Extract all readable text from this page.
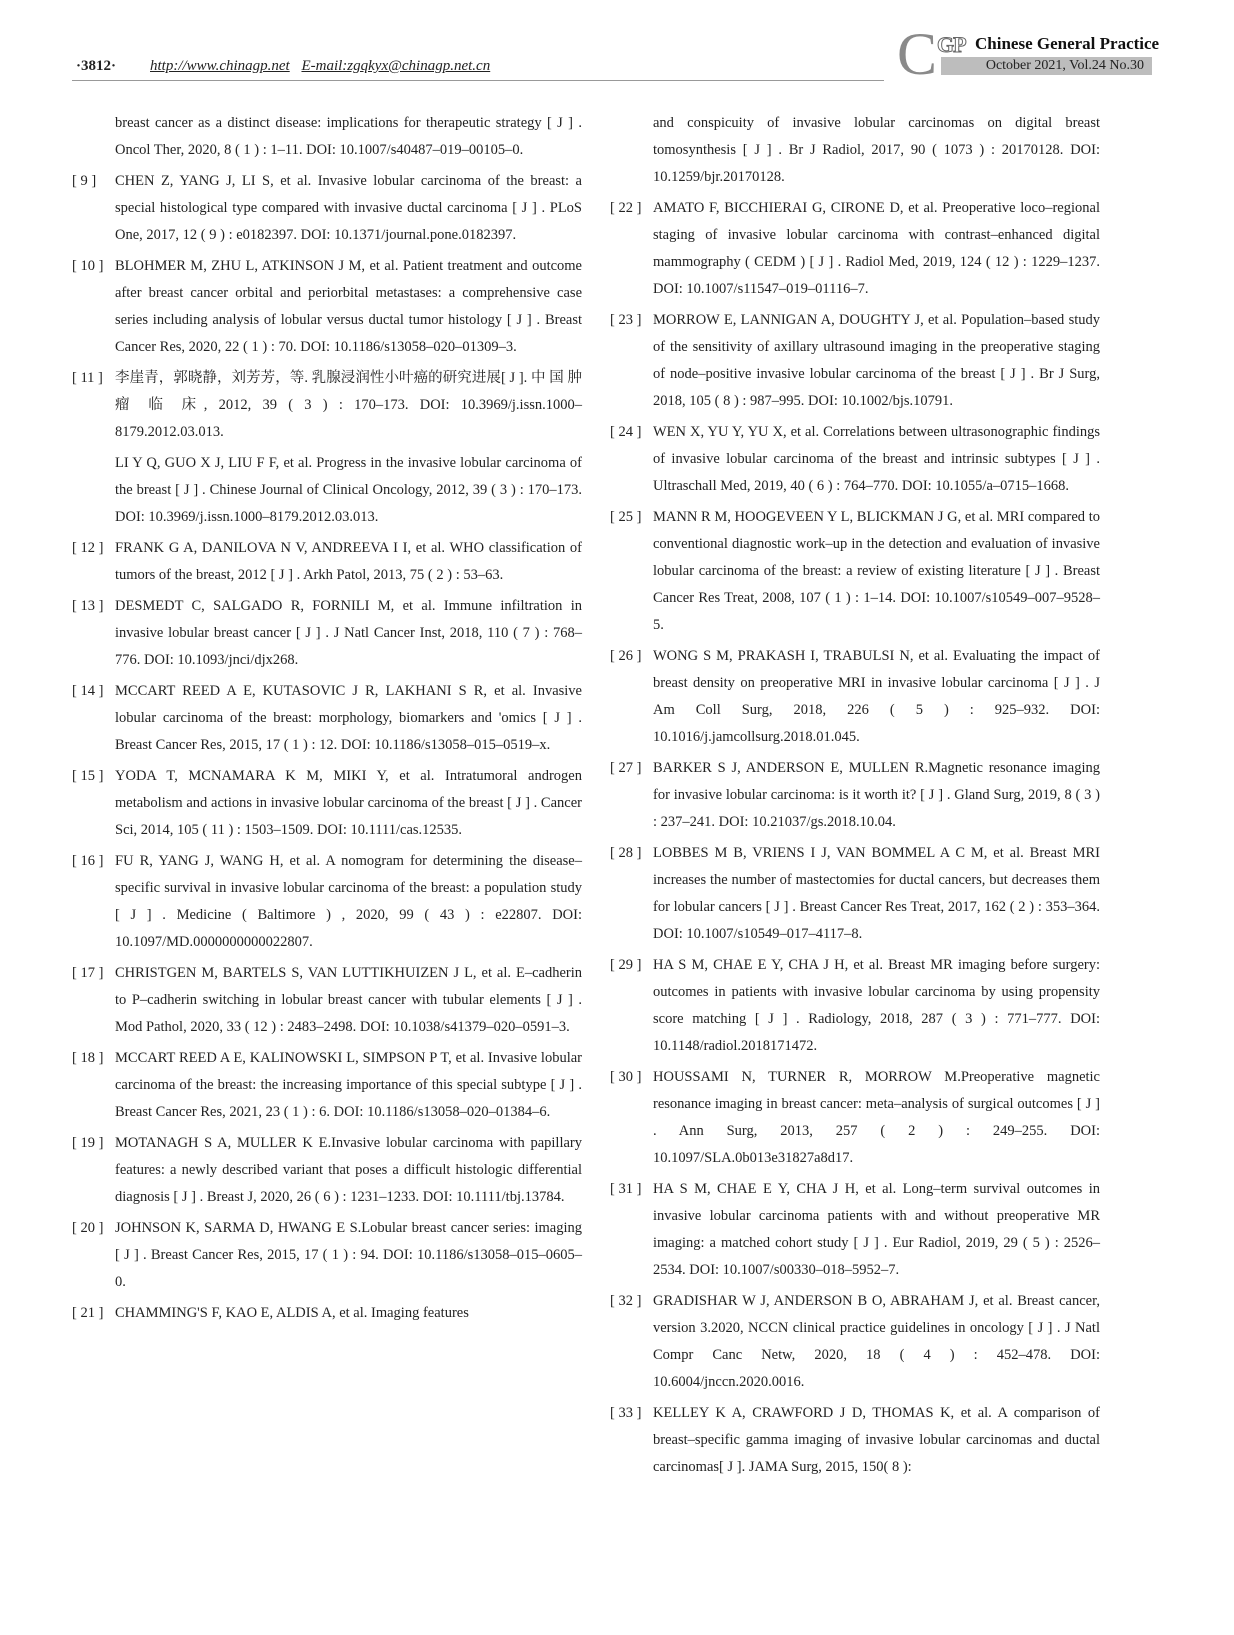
·3812· http://www.chinagp.net E-mail:zgqkyx@chinagp.net.cn	C GP Chinese General Practice
October 2021, Vol.24 No.30
breast cancer as a distinct disease: implications for therapeutic strategy [ J ] . Oncol Ther, 2020, 8 ( 1 ) : 1–11. DOI: 10.1007/s40487–019–00105–0.
[ 9 ]	CHEN Z, YANG J, LI S, et al. Invasive lobular carcinoma of the breast: a special histological type compared with invasive ductal carcinoma [ J ] . PLoS One, 2017, 12 ( 9 ) : e0182397. DOI: 10.1371/journal.pone.0182397.
[ 10 ] BLOHMER M, ZHU L, ATKINSON J M, et al. Patient treatment and outcome after breast cancer orbital and periorbital metastases: a comprehensive case series including analysis of lobular versus ductal tumor histology [ J ] . Breast Cancer Res, 2020, 22 ( 1 ) : 70. DOI: 10.1186/s13058–020–01309–3.
[ 11 ] 李崖青，郭晓静，刘芳芳，等. 乳腺浸润性小叶癌的研究进展[ J ]. 中 国 肿 瘤 临 床, 2012, 39 ( 3 ) : 170–173. DOI: 10.3969/j.issn.1000–8179.2012.03.013.
LI Y Q, GUO X J, LIU F F, et al. Progress in the invasive lobular carcinoma of the breast [ J ] . Chinese Journal of Clinical Oncology, 2012, 39 ( 3 ) : 170–173. DOI: 10.3969/j.issn.1000–8179.2012.03.013.
[ 12 ] FRANK G A, DANILOVA N V, ANDREEVA I I, et al. WHO classification of tumors of the breast, 2012 [ J ] . Arkh Patol, 2013, 75 ( 2 ) : 53–63.
[ 13 ] DESMEDT C, SALGADO R, FORNILI M, et al. Immune infiltration in invasive lobular breast cancer [ J ] . J Natl Cancer Inst, 2018, 110 ( 7 ) : 768–776. DOI: 10.1093/jnci/djx268.
[ 14 ] MCCART REED A E, KUTASOVIC J R, LAKHANI S R, et al. Invasive lobular carcinoma of the breast: morphology, biomarkers and 'omics [ J ] . Breast Cancer Res, 2015, 17 ( 1 ) : 12. DOI: 10.1186/s13058–015–0519–x.
[ 15 ] YODA T, MCNAMARA K M, MIKI Y, et al. Intratumoral androgen metabolism and actions in invasive lobular carcinoma of the breast [ J ] . Cancer Sci, 2014, 105 ( 11 ) : 1503–1509. DOI: 10.1111/cas.12535.
[ 16 ] FU R, YANG J, WANG H, et al. A nomogram for determining the disease–specific survival in invasive lobular carcinoma of the breast: a population study [ J ] . Medicine ( Baltimore ) , 2020, 99 ( 43 ) : e22807. DOI: 10.1097/MD.0000000000022807.
[ 17 ] CHRISTGEN M, BARTELS S, VAN LUTTIKHUIZEN J L, et al. E–cadherin to P–cadherin switching in lobular breast cancer with tubular elements [ J ] . Mod Pathol, 2020, 33 ( 12 ) : 2483–2498. DOI: 10.1038/s41379–020–0591–3.
[ 18 ] MCCART REED A E, KALINOWSKI L, SIMPSON P T, et al. Invasive lobular carcinoma of the breast: the increasing importance of this special subtype [ J ] . Breast Cancer Res, 2021, 23 ( 1 ) : 6. DOI: 10.1186/s13058–020–01384–6.
[ 19 ] MOTANAGH S A, MULLER K E.Invasive lobular carcinoma with papillary features: a newly described variant that poses a difficult histologic differential diagnosis [ J ] . Breast J, 2020, 26 ( 6 ) : 1231–1233. DOI: 10.1111/tbj.13784.
[ 20 ] JOHNSON K, SARMA D, HWANG E S.Lobular breast cancer series: imaging [ J ] . Breast Cancer Res, 2015, 17 ( 1 ) : 94. DOI: 10.1186/s13058–015–0605–0.
[ 21 ] CHAMMING'S F, KAO E, ALDIS A, et al. Imaging features
and conspicuity of invasive lobular carcinomas on digital breast tomosynthesis [ J ] . Br J Radiol, 2017, 90 ( 1073 ) : 20170128. DOI: 10.1259/bjr.20170128.
[ 22 ] AMATO F, BICCHIERAI G, CIRONE D, et al. Preoperative loco–regional staging of invasive lobular carcinoma with contrast–enhanced digital mammography ( CEDM ) [ J ] . Radiol Med, 2019, 124 ( 12 ) : 1229–1237. DOI: 10.1007/s11547–019–01116–7.
[ 23 ] MORROW E, LANNIGAN A, DOUGHTY J, et al. Population–based study of the sensitivity of axillary ultrasound imaging in the preoperative staging of node–positive invasive lobular carcinoma of the breast [ J ] . Br J Surg, 2018, 105 ( 8 ) : 987–995. DOI: 10.1002/bjs.10791.
[ 24 ] WEN X, YU Y, YU X, et al. Correlations between ultrasonographic findings of invasive lobular carcinoma of the breast and intrinsic subtypes [ J ] . Ultraschall Med, 2019, 40 ( 6 ) : 764–770. DOI: 10.1055/a–0715–1668.
[ 25 ] MANN R M, HOOGEVEEN Y L, BLICKMAN J G, et al. MRI compared to conventional diagnostic work–up in the detection and evaluation of invasive lobular carcinoma of the breast: a review of existing literature [ J ] . Breast Cancer Res Treat, 2008, 107 ( 1 ) : 1–14. DOI: 10.1007/s10549–007–9528–5.
[ 26 ] WONG S M, PRAKASH I, TRABULSI N, et al. Evaluating the impact of breast density on preoperative MRI in invasive lobular carcinoma [ J ] . J Am Coll Surg, 2018, 226 ( 5 ) : 925–932. DOI: 10.1016/j.jamcollsurg.2018.01.045.
[ 27 ] BARKER S J, ANDERSON E, MULLEN R.Magnetic resonance imaging for invasive lobular carcinoma: is it worth it? [ J ] . Gland Surg, 2019, 8 ( 3 ) : 237–241. DOI: 10.21037/gs.2018.10.04.
[ 28 ] LOBBES M B, VRIENS I J, VAN BOMMEL A C M, et al. Breast MRI increases the number of mastectomies for ductal cancers, but decreases them for lobular cancers [ J ] . Breast Cancer Res Treat, 2017, 162 ( 2 ) : 353–364. DOI: 10.1007/s10549–017–4117–8.
[ 29 ] HA S M, CHAE E Y, CHA J H, et al. Breast MR imaging before surgery: outcomes in patients with invasive lobular carcinoma by using propensity score matching [ J ] . Radiology, 2018, 287 ( 3 ) : 771–777. DOI: 10.1148/radiol.2018171472.
[ 30 ] HOUSSAMI N, TURNER R, MORROW M.Preoperative magnetic resonance imaging in breast cancer: meta–analysis of surgical outcomes [ J ] . Ann Surg, 2013, 257 ( 2 ) : 249–255. DOI: 10.1097/SLA.0b013e31827a8d17.
[ 31 ] HA S M, CHAE E Y, CHA J H, et al. Long–term survival outcomes in invasive lobular carcinoma patients with and without preoperative MR imaging: a matched cohort study [ J ] . Eur Radiol, 2019, 29 ( 5 ) : 2526–2534. DOI: 10.1007/s00330–018–5952–7.
[ 32 ] GRADISHAR W J, ANDERSON B O, ABRAHAM J, et al. Breast cancer, version 3.2020, NCCN clinical practice guidelines in oncology [ J ] . J Natl Compr Canc Netw, 2020, 18 ( 4 ) : 452–478. DOI: 10.6004/jnccn.2020.0016.
[ 33 ] KELLEY K A, CRAWFORD J D, THOMAS K, et al. A comparison of breast–specific gamma imaging of invasive lobular carcinomas and ductal carcinomas[ J ]. JAMA Surg, 2015, 150( 8 ):
